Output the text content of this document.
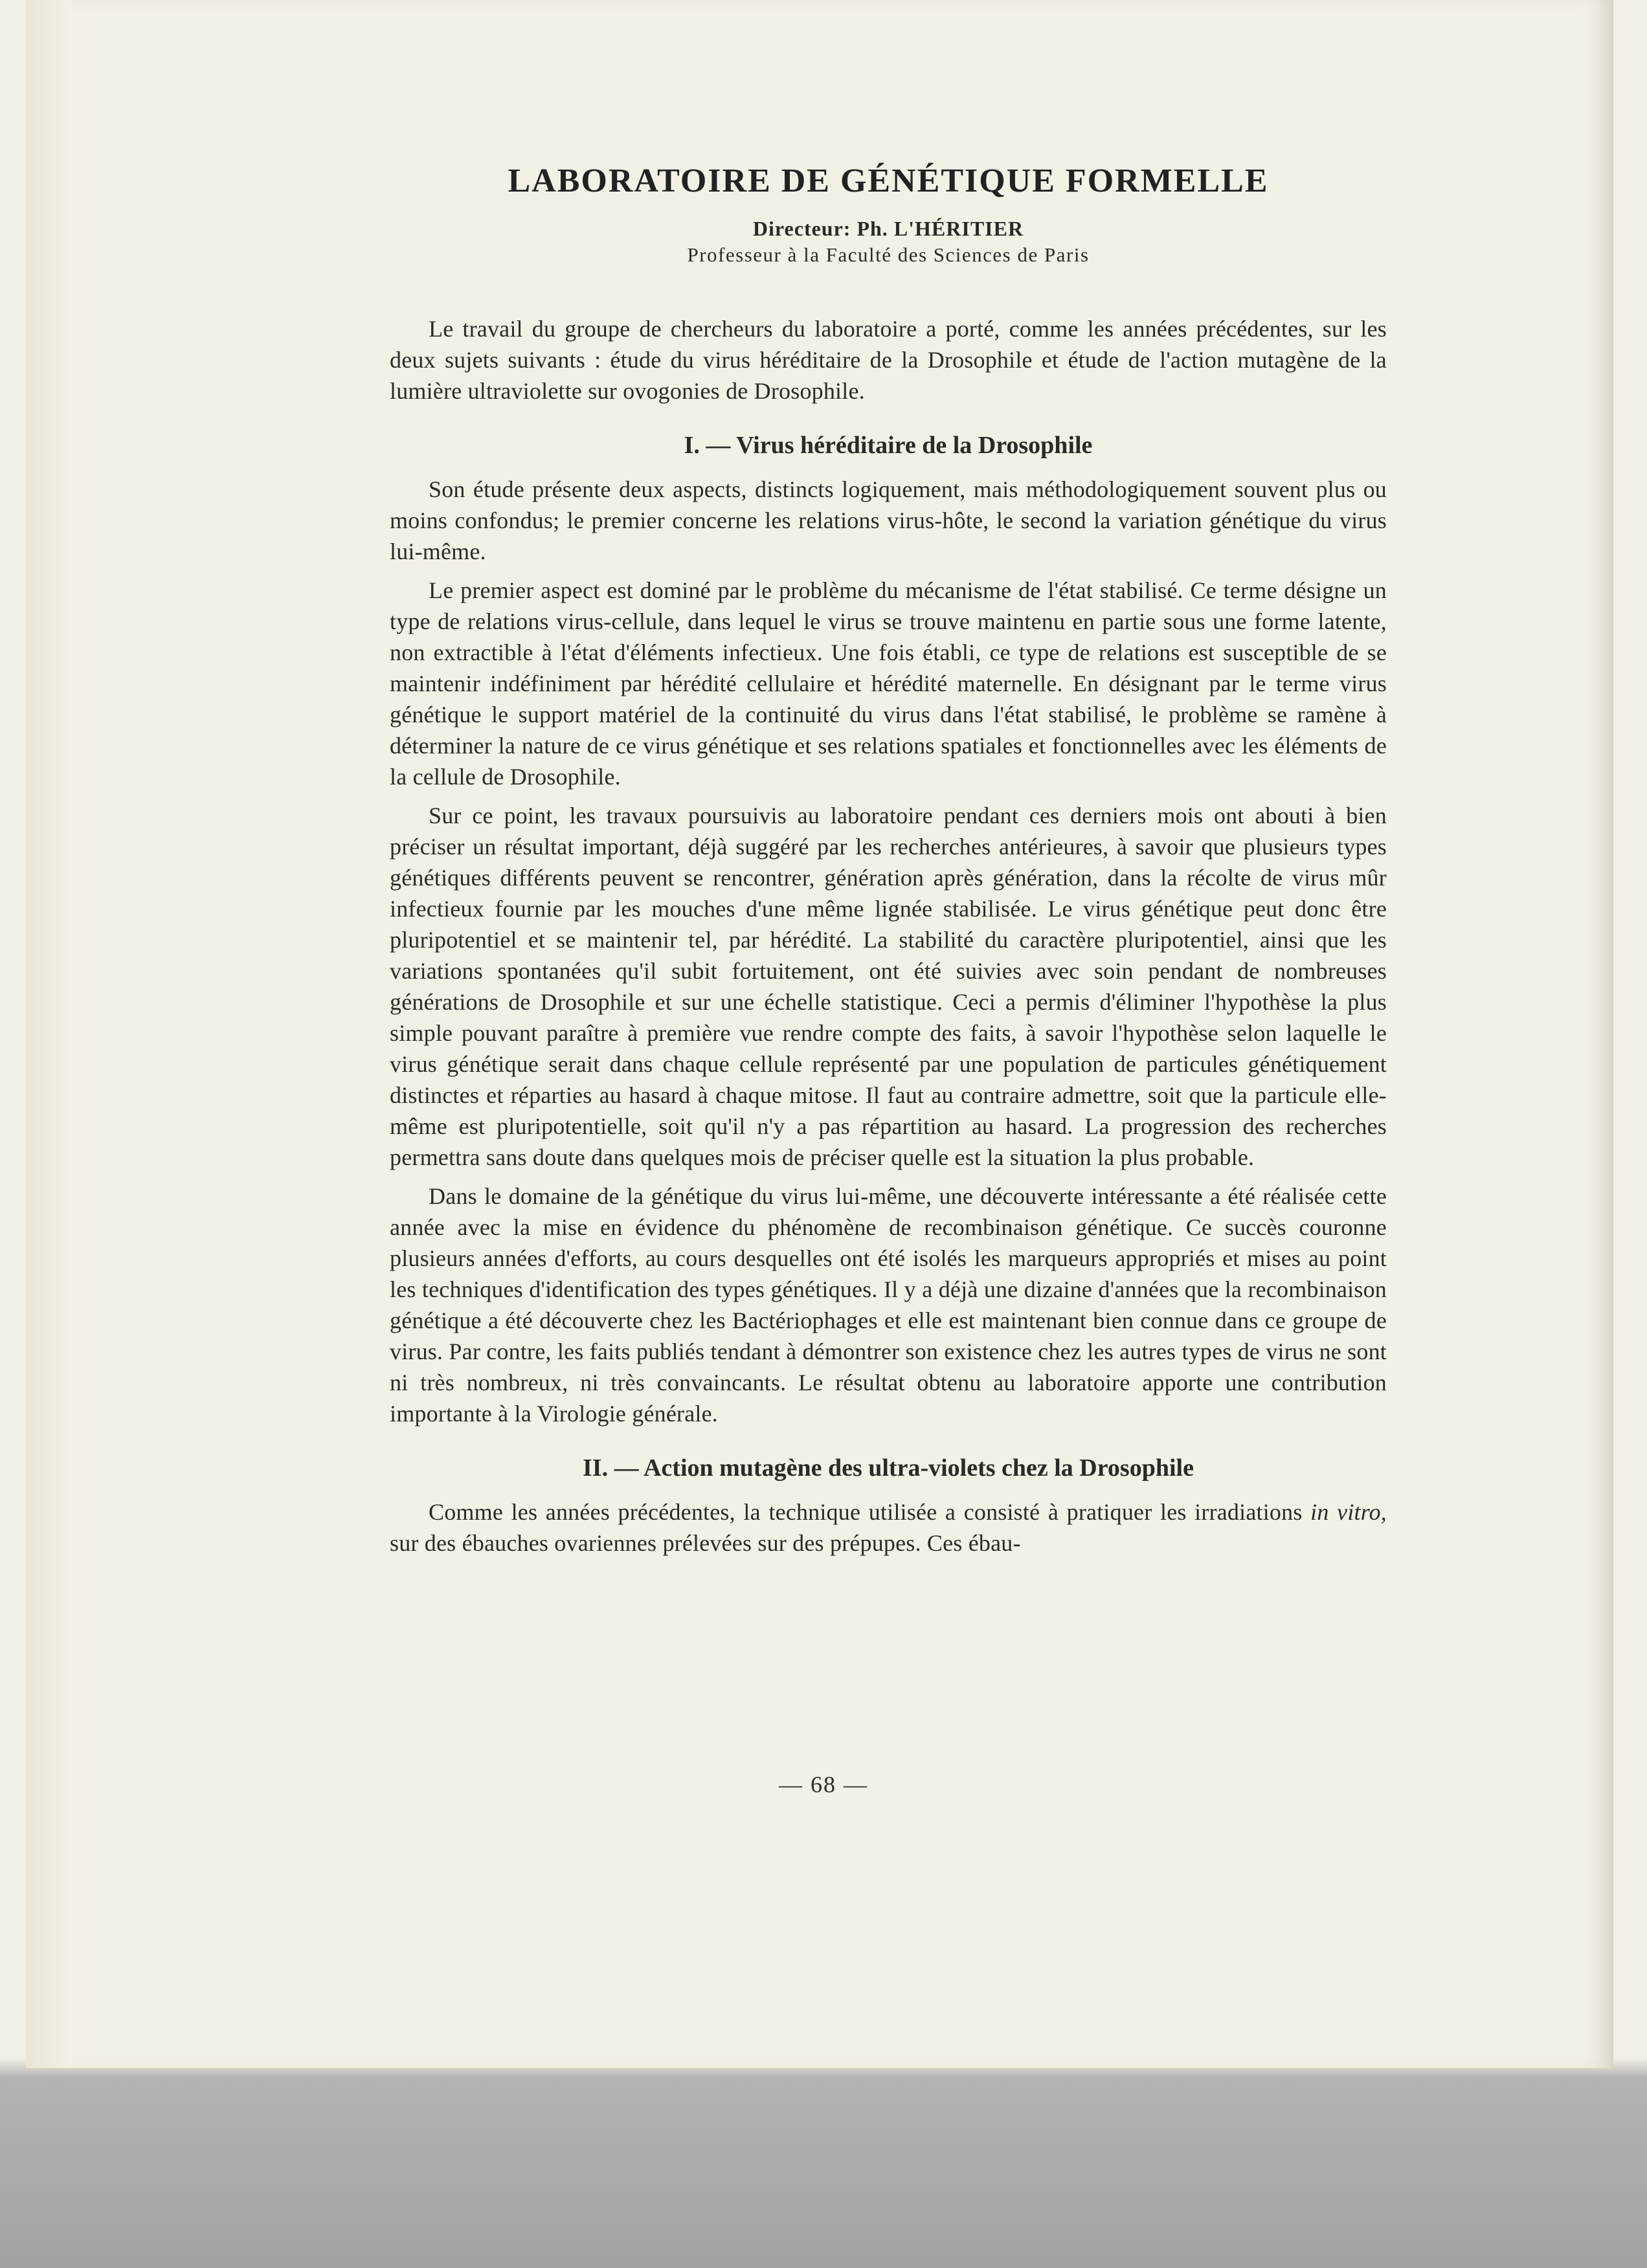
LABORATOIRE DE GÉNÉTIQUE FORMELLE
Directeur: Ph. L'HÉRITIER
Professeur à la Faculté des Sciences de Paris

Le travail du groupe de chercheurs du laboratoire a porté, comme les années précédentes, sur les deux sujets suivants : étude du virus héréditaire de la Drosophile et étude de l'action mutagène de la lumière ultraviolette sur ovogonies de Drosophile.

I. — Virus héréditaire de la Drosophile

Son étude présente deux aspects, distincts logiquement, mais méthodologiquement souvent plus ou moins confondus; le premier concerne les relations virus-hôte, le second la variation génétique du virus lui-même.

Le premier aspect est dominé par le problème du mécanisme de l'état stabilisé. Ce terme désigne un type de relations virus-cellule, dans lequel le virus se trouve maintenu en partie sous une forme latente, non extractible à l'état d'éléments infectieux. Une fois établi, ce type de relations est susceptible de se maintenir indéfiniment par hérédité cellulaire et hérédité maternelle. En désignant par le terme virus génétique le support matériel de la continuité du virus dans l'état stabilisé, le problème se ramène à déterminer la nature de ce virus génétique et ses relations spatiales et fonctionnelles avec les éléments de la cellule de Drosophile.

Sur ce point, les travaux poursuivis au laboratoire pendant ces derniers mois ont abouti à bien préciser un résultat important, déjà suggéré par les recherches antérieures, à savoir que plusieurs types génétiques différents peuvent se rencontrer, génération après génération, dans la récolte de virus mûr infectieux fournie par les mouches d'une même lignée stabilisée. Le virus génétique peut donc être pluripotentiel et se maintenir tel, par hérédité. La stabilité du caractère pluripotentiel, ainsi que les variations spontanées qu'il subit fortuitement, ont été suivies avec soin pendant de nombreuses générations de Drosophile et sur une échelle statistique. Ceci a permis d'éliminer l'hypothèse la plus simple pouvant paraître à première vue rendre compte des faits, à savoir l'hypothèse selon laquelle le virus génétique serait dans chaque cellule représenté par une population de particules génétiquement distinctes et réparties au hasard à chaque mitose. Il faut au contraire admettre, soit que la particule elle-même est pluripotentielle, soit qu'il n'y a pas répartition au hasard. La progression des recherches permettra sans doute dans quelques mois de préciser quelle est la situation la plus probable.

Dans le domaine de la génétique du virus lui-même, une découverte intéressante a été réalisée cette année avec la mise en évidence du phénomène de recombinaison génétique. Ce succès couronne plusieurs années d'efforts, au cours desquelles ont été isolés les marqueurs appropriés et mises au point les techniques d'identification des types génétiques. Il y a déjà une dizaine d'années que la recombinaison génétique a été découverte chez les Bactériophages et elle est maintenant bien connue dans ce groupe de virus. Par contre, les faits publiés tendant à démontrer son existence chez les autres types de virus ne sont ni très nombreux, ni très convaincants. Le résultat obtenu au laboratoire apporte une contribution importante à la Virologie générale.

II. — Action mutagène des ultra-violets chez la Drosophile

Comme les années précédentes, la technique utilisée a consisté à pratiquer les irradiations in vitro, sur des ébauches ovariennes prélevées sur des prépupes. Ces ébau-

— 68 —
